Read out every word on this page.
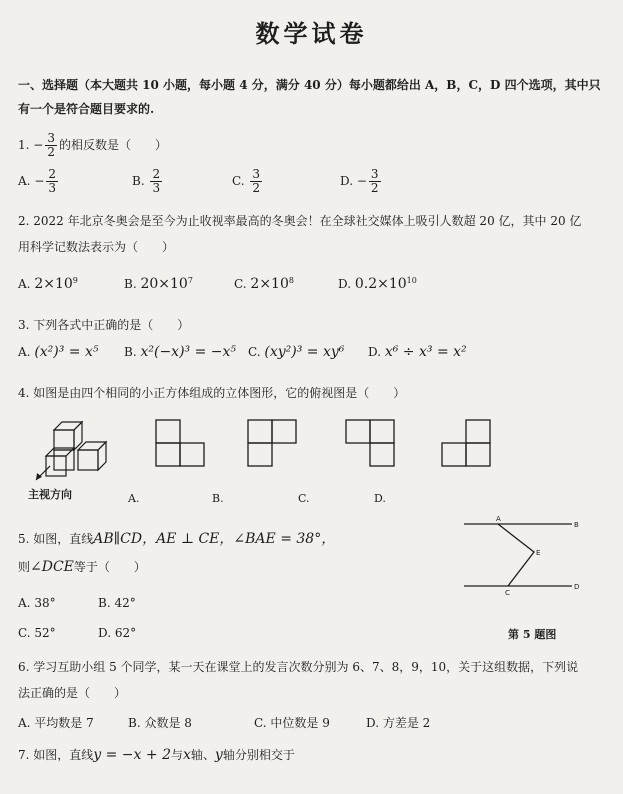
数学试卷
一、选择题（本大题共 10 小题，每小题 4 分，满分 40 分）每小题都给出 A，B，C，D 四个选项，其中只
有一个是符合题目要求的.
1. − $\frac{3}{2}$ 的相反数是（　　）
A. − $\frac{2}{3}$	B. $\frac{2}{3}$	C. $\frac{3}{2}$	D. − $\frac{3}{2}$
2. 2022 年北京冬奥会是至今为止收视率最高的冬奥会！在全球社交媒体上吸引人数超 20 亿，其中 20 亿
用科学记数法表示为（　　）
A. $2\times 10^9$	B. $20\times 10^7$	C. $2\times 10^8$	D. $0.2\times 10^{10}$
3. 下列各式中正确的是（　　）
A. (x²)³ = x⁵ B. x²(−x)³ = −x⁵ C. (xy²)³ = xy⁶ D. x⁶ ÷ x³ = x²
4. 如图是由四个相同的小正方体组成的立体图形，它的俯视图是（　　）
主视方向	A.	B.	C.	D.
5. 如图，直线AB∥CD，AE ⊥ CE，∠BAE = 38°，
则∠DCE等于（　　）
A. 38°	B. 42°
C. 52°	D. 62°
A
B
E
C
D
第 5 题图
6. 学习互助小组 5 个同学，某一天在课堂上的发言次数分别为 6、7、8，9，10，关于这组数据，下列说
法正确的是（　　）
A. 平均数是 7	B. 众数是 8	C. 中位数是 9	D. 方差是 2
7. 如图，直线y = −x + 2与x轴、y轴分别相交于
